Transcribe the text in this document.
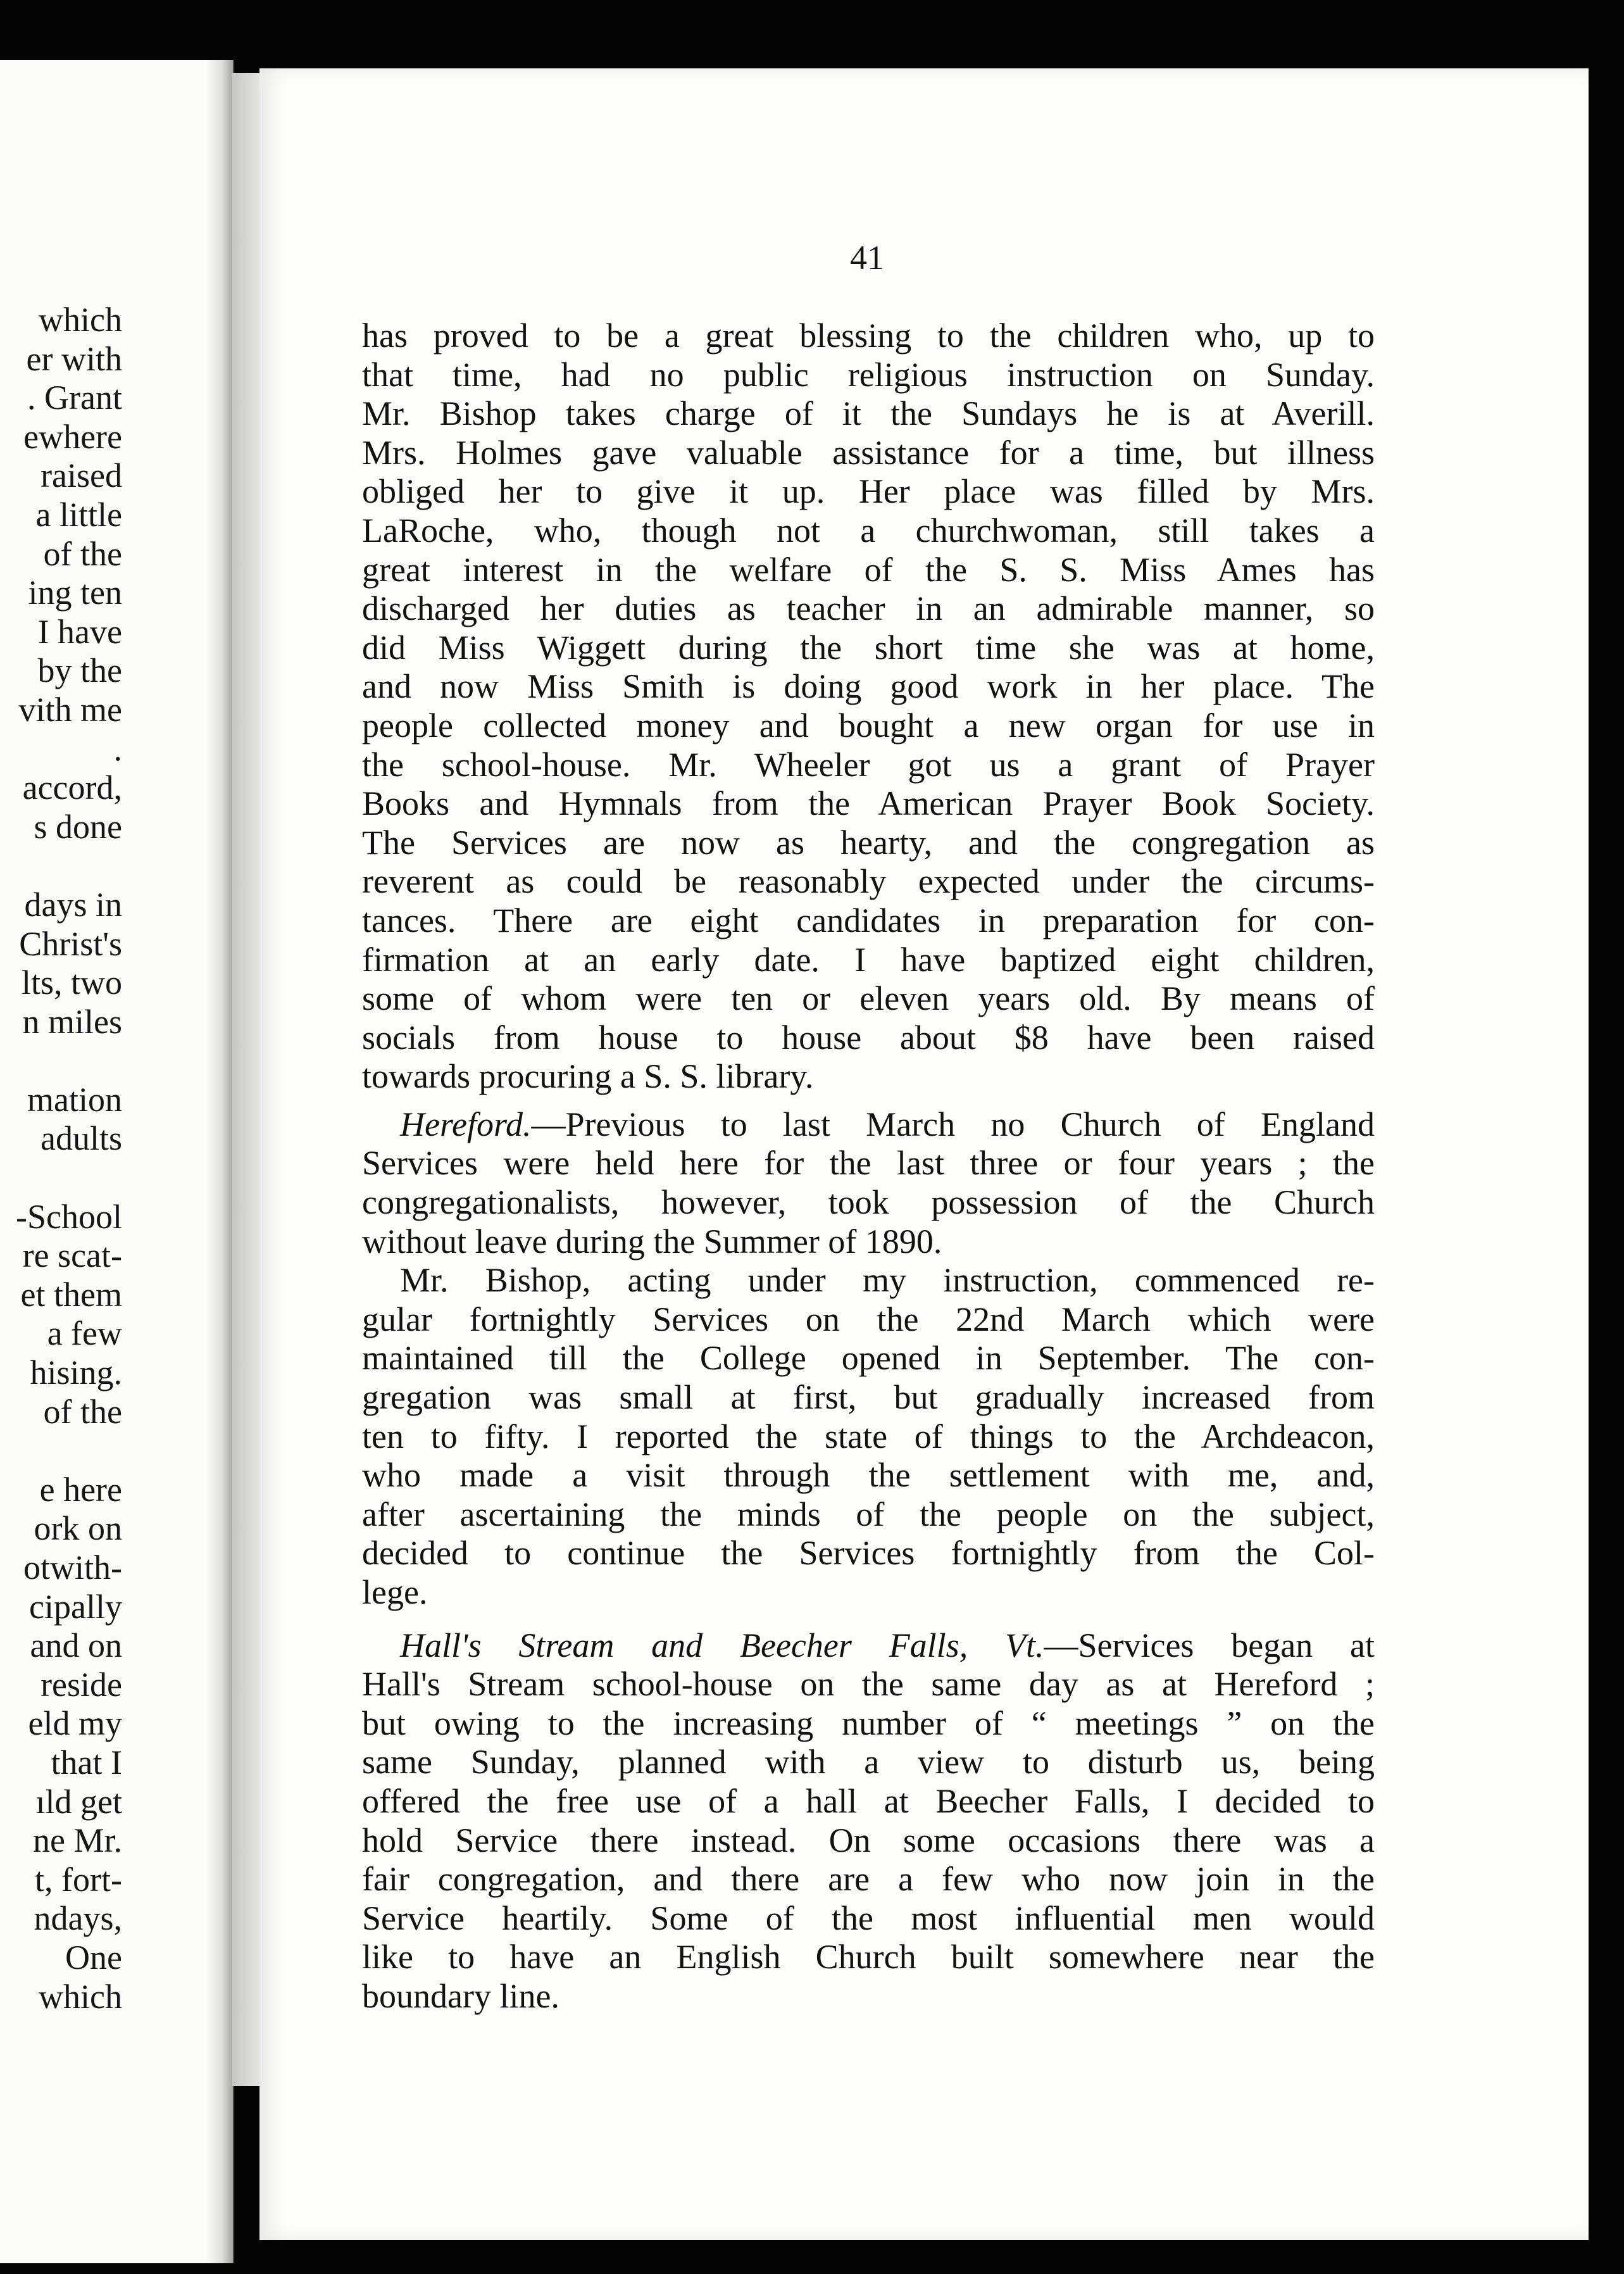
which
er with
. Grant
ewhere
raised
a little
of the
ing ten
I have
by the
vith me
.
accord,
s done
days in
Christ's
lts, two
n miles
mation
adults
-School
re scat-
et them
a few
hising.
of the
e here
ork on
otwith-
cipally
and on
reside
eld my
that I
ıld get
ne Mr.
t, fort-
ndays,
One
which
41
has proved to be a great blessing to the children who, up to
that time, had no public religious instruction on Sunday.
Mr. Bishop takes charge of it the Sundays he is at Averill.
Mrs. Holmes gave valuable assistance for a time, but illness
obliged her to give it up. Her place was filled by Mrs.
LaRoche, who, though not a churchwoman, still takes a
great interest in the welfare of the S. S. Miss Ames has
discharged her duties as teacher in an admirable manner, so
did Miss Wiggett during the short time she was at home,
and now Miss Smith is doing good work in her place. The
people collected money and bought a new organ for use in
the school-house. Mr. Wheeler got us a grant of Prayer
Books and Hymnals from the American Prayer Book Society.
The Services are now as hearty, and the congregation as
reverent as could be reasonably expected under the circums-
tances. There are eight candidates in preparation for con-
firmation at an early date. I have baptized eight children,
some of whom were ten or eleven years old. By means of
socials from house to house about $8 have been raised
towards procuring a S. S. library.
Hereford.—Previous to last March no Church of England
Services were held here for the last three or four years ; the
congregationalists, however, took possession of the Church
without leave during the Summer of 1890.
Mr. Bishop, acting under my instruction, commenced re-
gular fortnightly Services on the 22nd March which were
maintained till the College opened in September. The con-
gregation was small at first, but gradually increased from
ten to fifty. I reported the state of things to the Archdeacon,
who made a visit through the settlement with me, and,
after ascertaining the minds of the people on the subject,
decided to continue the Services fortnightly from the Col-
lege.
Hall's Stream and Beecher Falls, Vt.—Services began at
Hall's Stream school-house on the same day as at Hereford ;
but owing to the increasing number of “ meetings ” on the
same Sunday, planned with a view to disturb us, being
offered the free use of a hall at Beecher Falls, I decided to
hold Service there instead. On some occasions there was a
fair congregation, and there are a few who now join in the
Service heartily. Some of the most influential men would
like to have an English Church built somewhere near the
boundary line.
